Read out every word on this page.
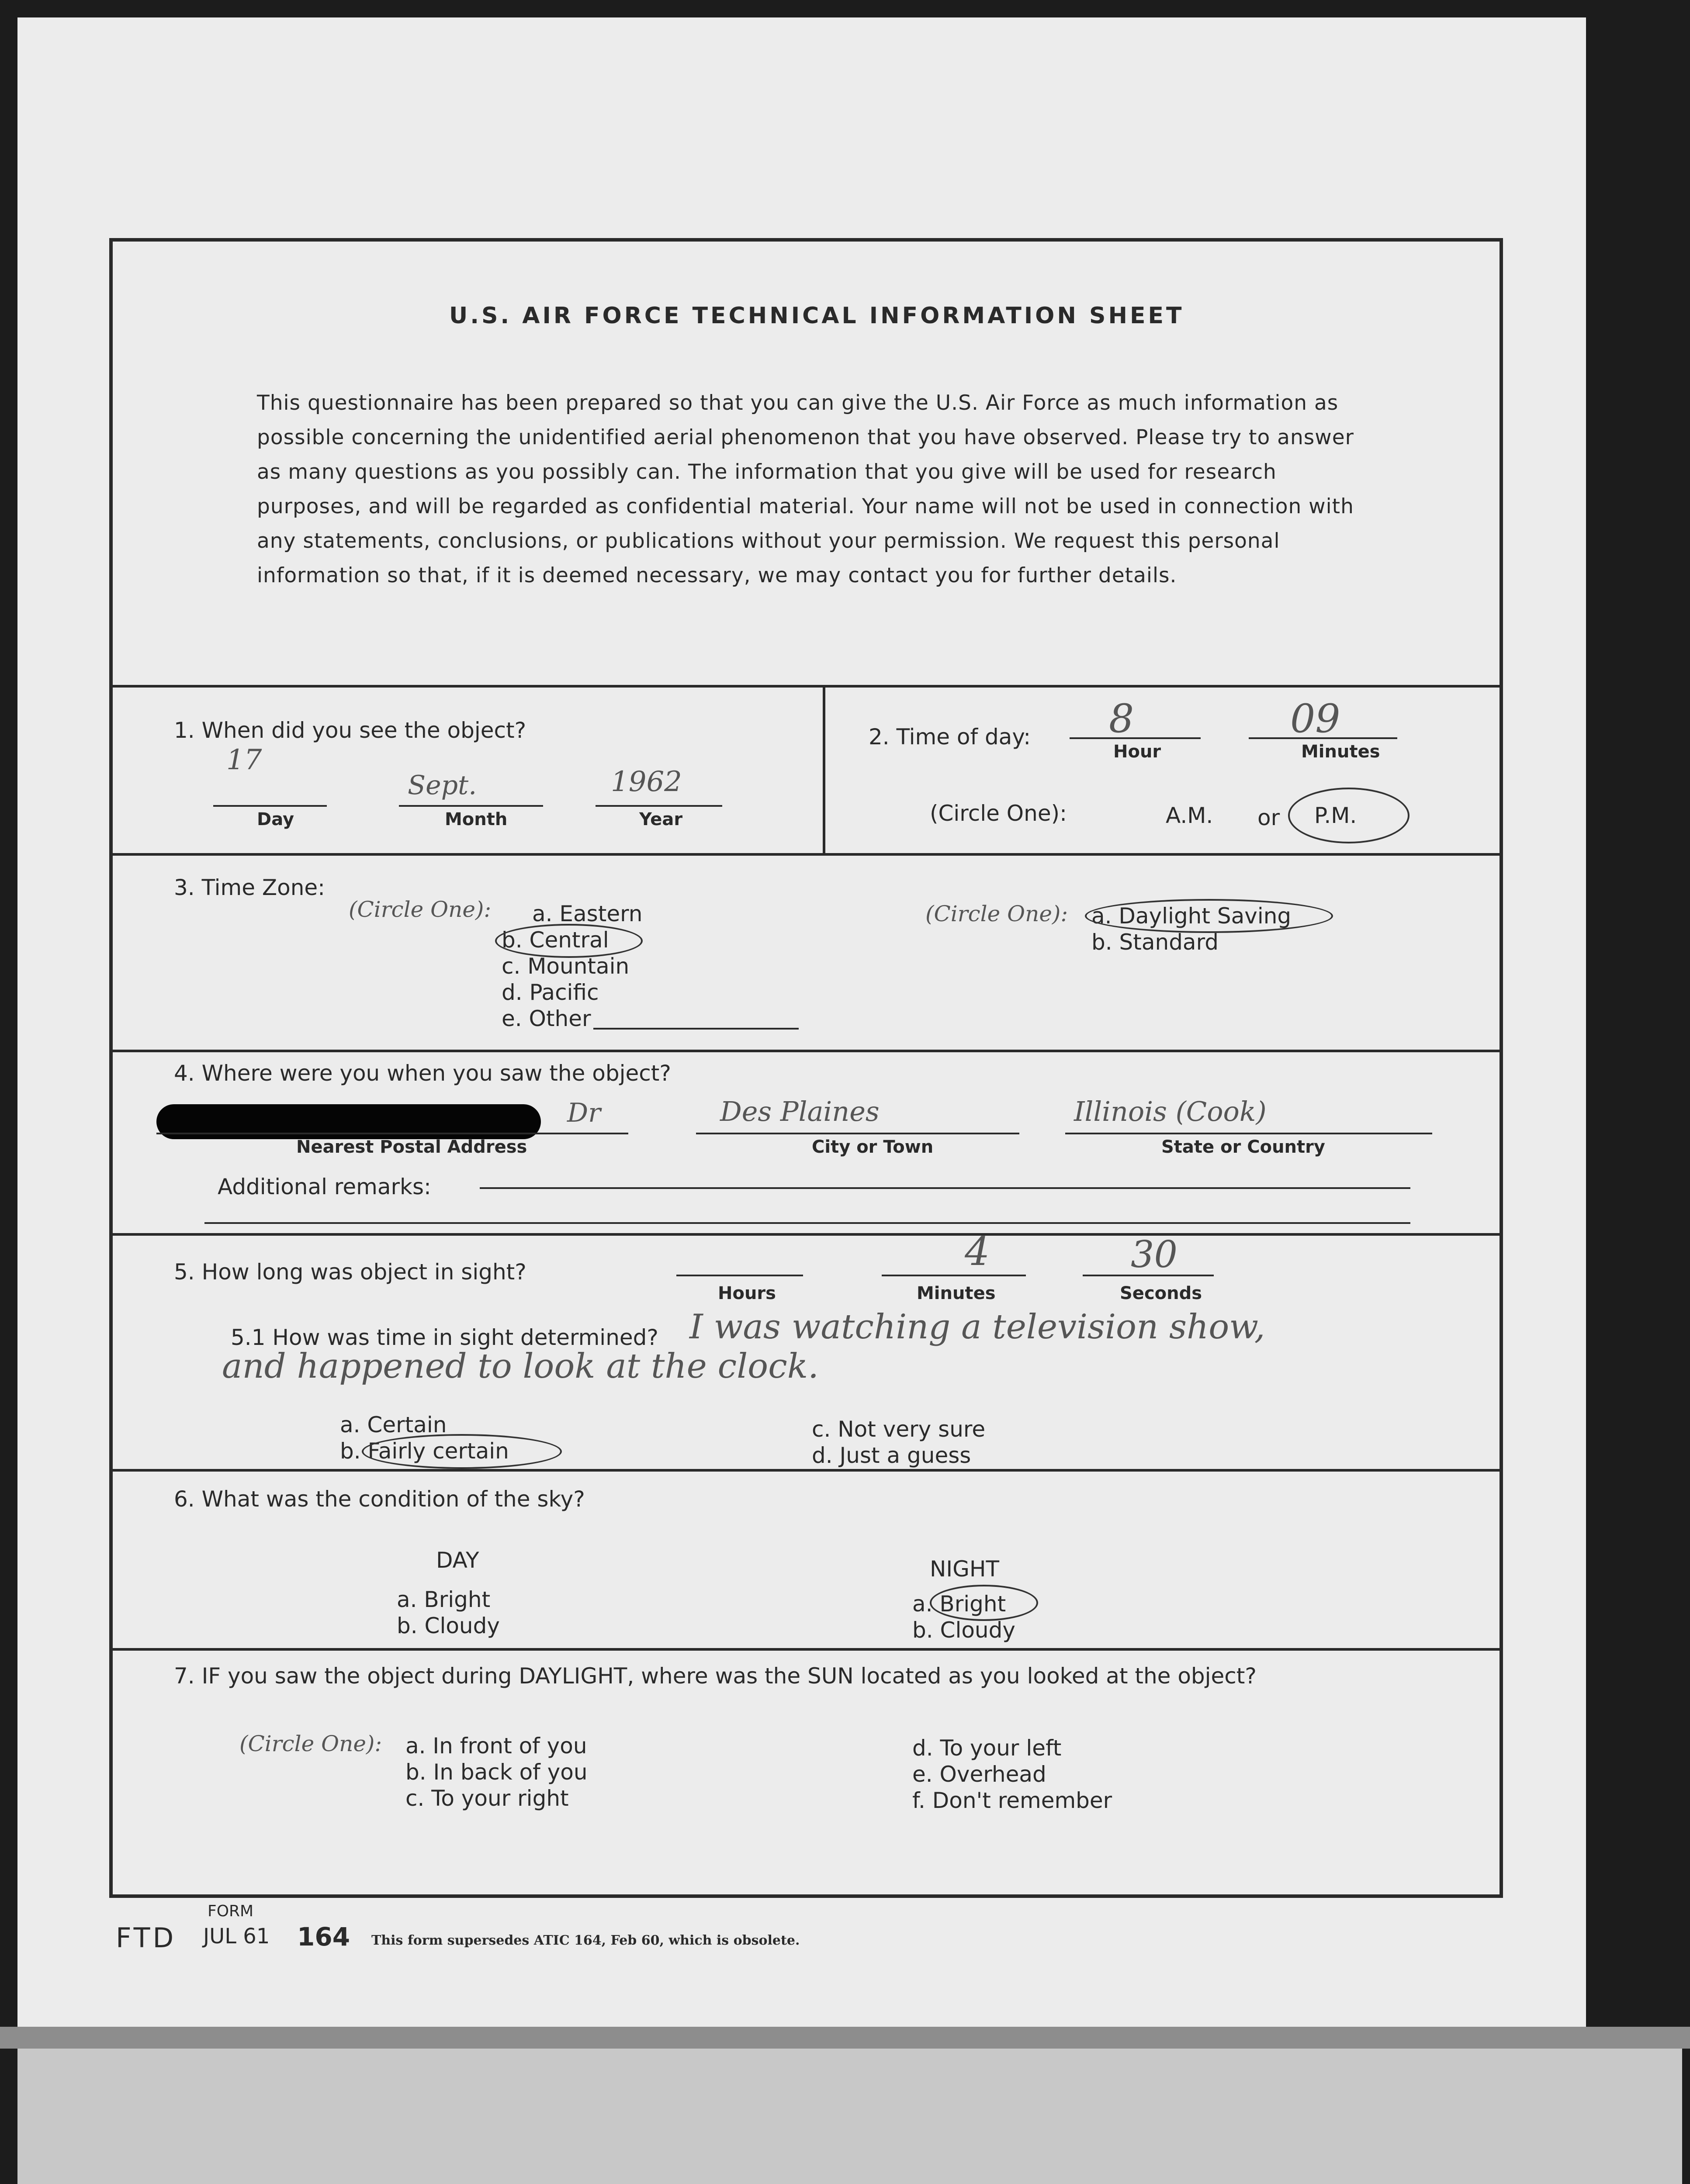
U.S. AIR FORCE TECHNICAL INFORMATION SHEET
This questionnaire has been prepared so that you can give the U.S. Air Force as much information as possible concerning the unidentified aerial phenomenon that you have observed. Please try to answer as many questions as you possibly can. The information that you give will be used for research purposes, and will be regarded as confidential material. Your name will not be used in connection with any statements, conclusions, or publications without your permission. We request this personal information so that, if it is deemed necessary, we may contact you for further details.
1. When did you see the object?
17
Day
Sept.
Month
1962
Year
2. Time of day: 8
Hour
09
Minutes
(Circle One):	A.M. or P.M.
3. Time Zone:
(Circle One): a. Eastern
b. Central
c. Mountain
d. Pacific
e. Other
(Circle One): a. Daylight Saving
b. Standard
4. Where were you when you saw the object?
Dr
Nearest Postal Address
Des Plaines
City or Town
Illinois (Cook)
State or Country
Additional remarks:
5. How long was object in sight?
Hours
4
Minutes
30
Seconds
5.1 How was time in sight determined? I was watching a television show,
and happened to look at the clock.
a. Certain
b. Fairly certain
c. Not very sure
d. Just a guess
6. What was the condition of the sky?
DAY
a. Bright
b. Cloudy
NIGHT
a. Bright
b. Cloudy
7. IF you saw the object during DAYLIGHT, where was the SUN located as you looked at the object?
(Circle One): a. In front of you
b. In back of you
c. To your right
d. To your left
e. Overhead
f. Don't remember
FTD
FORM
JUL 61 164 This form supersedes ATIC 164, Feb 60, which is obsolete.
